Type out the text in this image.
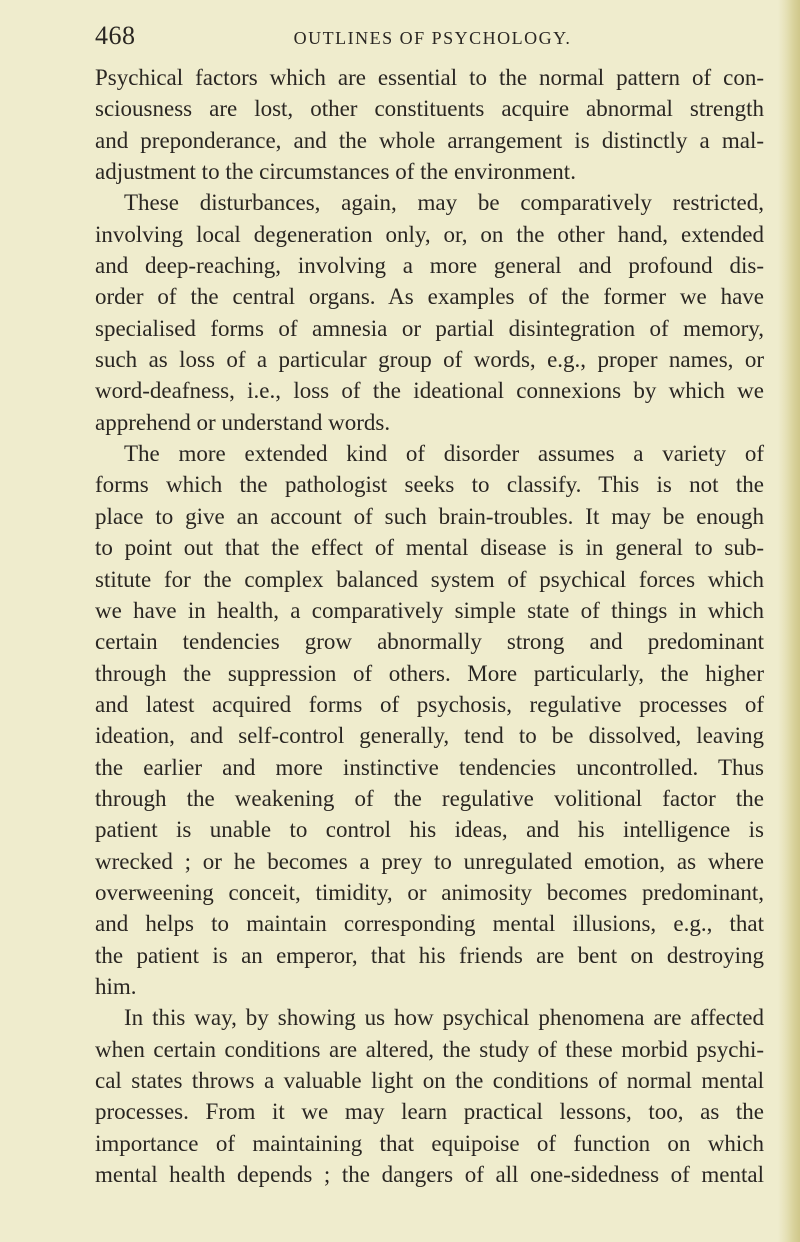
468	OUTLINES OF PSYCHOLOGY.

Psychical factors which are essential to the normal pattern of con-
sciousness are lost, other constituents acquire abnormal strength
and preponderance, and the whole arrangement is distinctly a mal-
adjustment to the circumstances of the environment.

These disturbances, again, may be comparatively restricted,
involving local degeneration only, or, on the other hand, extended
and deep-reaching, involving a more general and profound dis-
order of the central organs. As examples of the former we have
specialised forms of amnesia or partial disintegration of memory,
such as loss of a particular group of words, e.g., proper names, or
word-deafness, i.e., loss of the ideational connexions by which we
apprehend or understand words.

The more extended kind of disorder assumes a variety of
forms which the pathologist seeks to classify. This is not the
place to give an account of such brain-troubles. It may be enough
to point out that the effect of mental disease is in general to sub-
stitute for the complex balanced system of psychical forces which
we have in health, a comparatively simple state of things in which
certain tendencies grow abnormally strong and predominant
through the suppression of others. More particularly, the higher
and latest acquired forms of psychosis, regulative processes of
ideation, and self-control generally, tend to be dissolved, leaving
the earlier and more instinctive tendencies uncontrolled. Thus
through the weakening of the regulative volitional factor the
patient is unable to control his ideas, and his intelligence is
wrecked ; or he becomes a prey to unregulated emotion, as where
overweening conceit, timidity, or animosity becomes predominant,
and helps to maintain corresponding mental illusions, e.g., that
the patient is an emperor, that his friends are bent on destroying
him.

In this way, by showing us how psychical phenomena are affected
when certain conditions are altered, the study of these morbid psychi-
cal states throws a valuable light on the conditions of normal mental
processes. From it we may learn practical lessons, too, as the
importance of maintaining that equipoise of function on which
mental health depends ; the dangers of all one-sidedness of mental
